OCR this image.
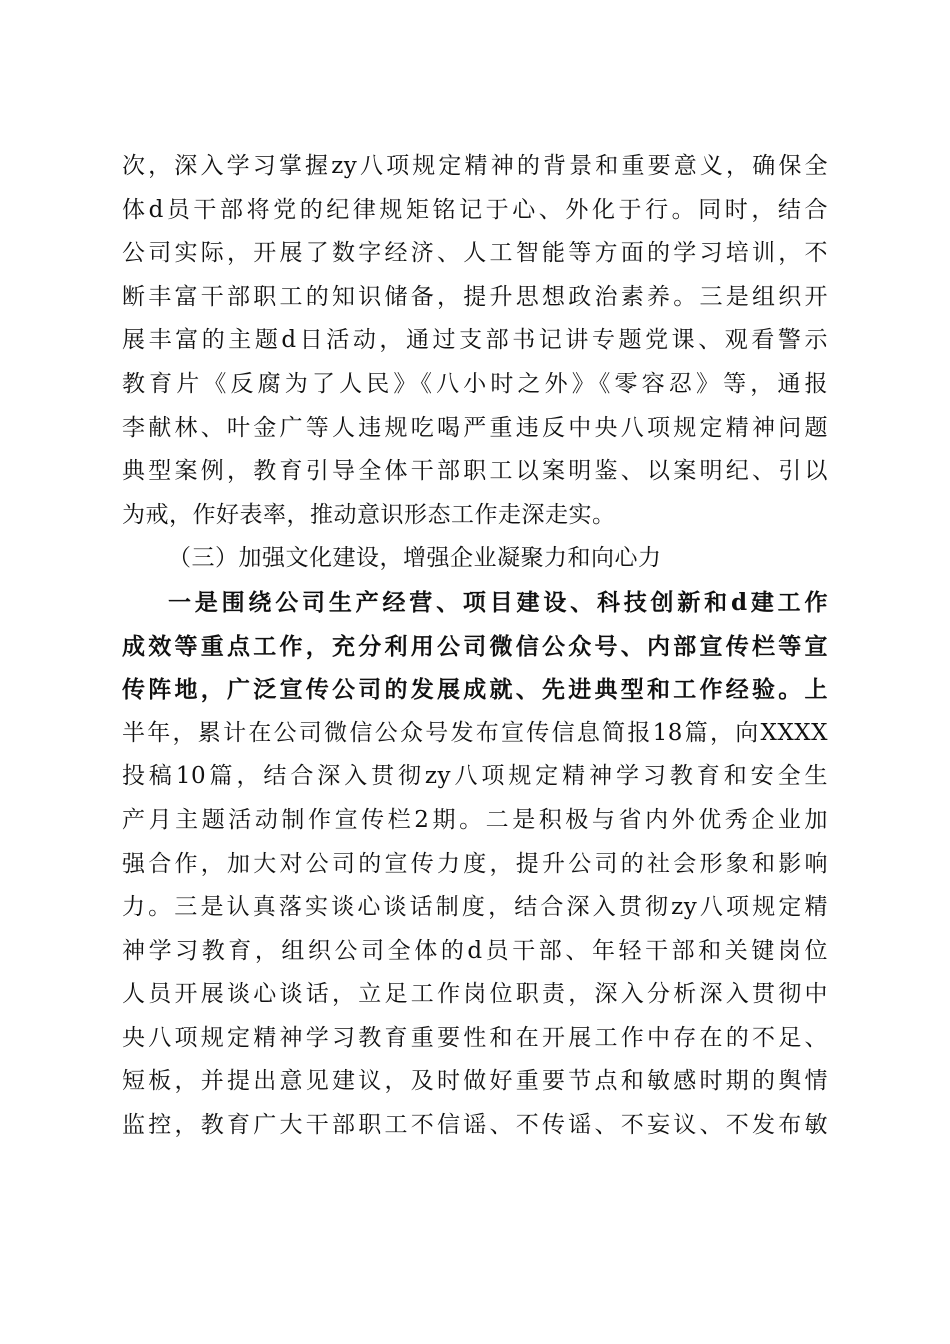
次，深入学习掌握zy八项规定精神的背景和重要意义，确保全
体d员干部将党的纪律规矩铭记于心、外化于行。同时，结合
公司实际，开展了数字经济、人工智能等方面的学习培训，不
断丰富干部职工的知识储备，提升思想政治素养。三是组织开
展丰富的主题d日活动，通过支部书记讲专题党课、观看警示
教育片《反腐为了人民》《八小时之外》《零容忍》等，通报
李献林、叶金广等人违规吃喝严重违反中央八项规定精神问题
典型案例，教育引导全体干部职工以案明鉴、以案明纪、引以
为戒，作好表率，推动意识形态工作走深走实。
（三）加强文化建设，增强企业凝聚力和向心力
一是围绕公司生产经营、项目建设、科技创新和d建工作
成效等重点工作，充分利用公司微信公众号、内部宣传栏等宣
传阵地，广泛宣传公司的发展成就、先进典型和工作经验。上
半年，累计在公司微信公众号发布宣传信息简报18篇，向XXXX
投稿10篇，结合深入贯彻zy八项规定精神学习教育和安全生
产月主题活动制作宣传栏2期。二是积极与省内外优秀企业加
强合作，加大对公司的宣传力度，提升公司的社会形象和影响
力。三是认真落实谈心谈话制度，结合深入贯彻zy八项规定精
神学习教育，组织公司全体的d员干部、年轻干部和关键岗位
人员开展谈心谈话，立足工作岗位职责，深入分析深入贯彻中
央八项规定精神学习教育重要性和在开展工作中存在的不足、
短板，并提出意见建议，及时做好重要节点和敏感时期的舆情
监控，教育广大干部职工不信谣、不传谣、不妄议、不发布敏
